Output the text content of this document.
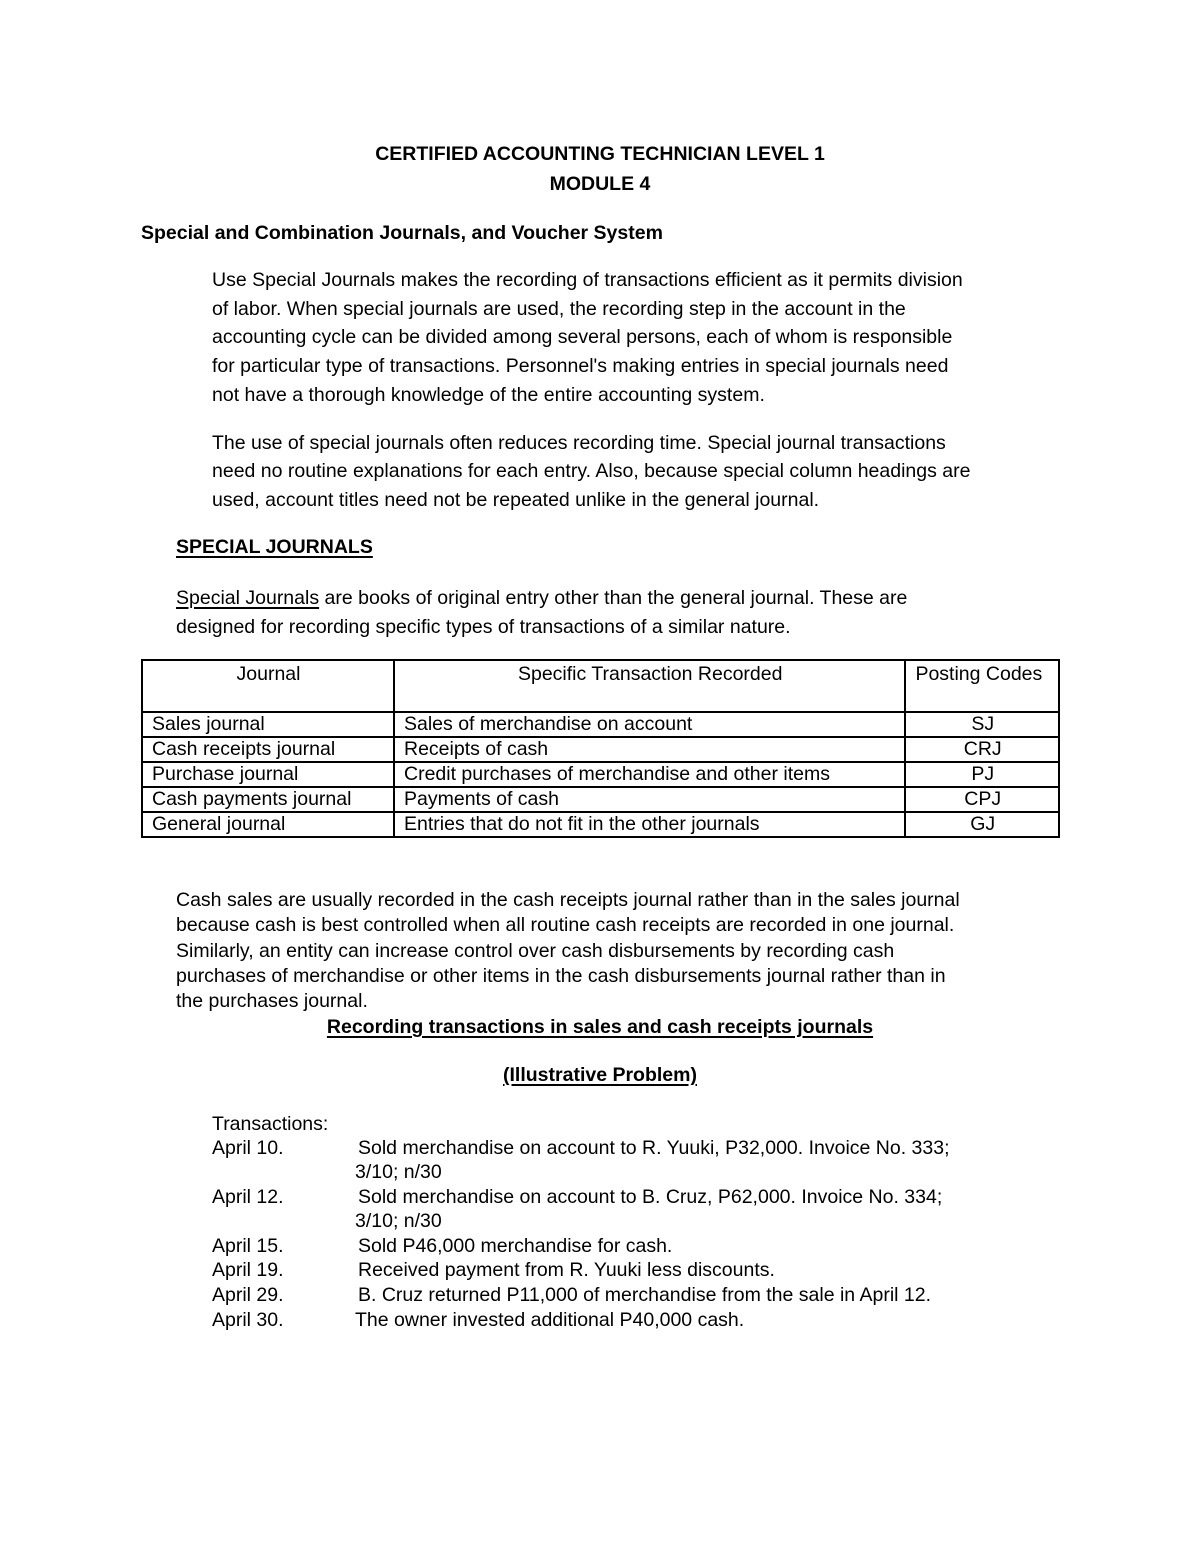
CERTIFIED ACCOUNTING TECHNICIAN LEVEL 1
MODULE 4
Special and Combination Journals, and Voucher System
Use Special Journals makes the recording of transactions efficient as it permits division
of labor. When special journals are used, the recording step in the account in the
accounting cycle can be divided among several persons, each of whom is responsible
for particular type of transactions. Personnel's making entries in special journals need
not have a thorough knowledge of the entire accounting system.
The use of special journals often reduces recording time. Special journal transactions
need no routine explanations for each entry. Also, because special column headings are
used, account titles need not be repeated unlike in the general journal.
SPECIAL JOURNALS
Special Journals are books of original entry other than the general journal. These are
designed for recording specific types of transactions of a similar nature.
Journal	Specific Transaction Recorded	Posting Codes
Sales journal	Sales of merchandise on account	SJ
Cash receipts journal	Receipts of cash	CRJ
Purchase journal	Credit purchases of merchandise and other items	PJ
Cash payments journal	Payments of cash	CPJ
General journal	Entries that do not fit in the other journals	GJ
Cash sales are usually recorded in the cash receipts journal rather than in the sales journal
because cash is best controlled when all routine cash receipts are recorded in one journal.
Similarly, an entity can increase control over cash disbursements by recording cash
purchases of merchandise or other items in the cash disbursements journal rather than in
the purchases journal.
Recording transactions in sales and cash receipts journals
(Illustrative Problem)
Transactions:
April 10.	Sold merchandise on account to R. Yuuki, P32,000. Invoice No. 333;
3/10; n/30
April 12.	Sold merchandise on account to B. Cruz, P62,000. Invoice No. 334;
3/10; n/30
April 15.	Sold P46,000 merchandise for cash.
April 19.	Received payment from R. Yuuki less discounts.
April 29.	B. Cruz returned P11,000 of merchandise from the sale in April 12.
April 30.	The owner invested additional P40,000 cash.
